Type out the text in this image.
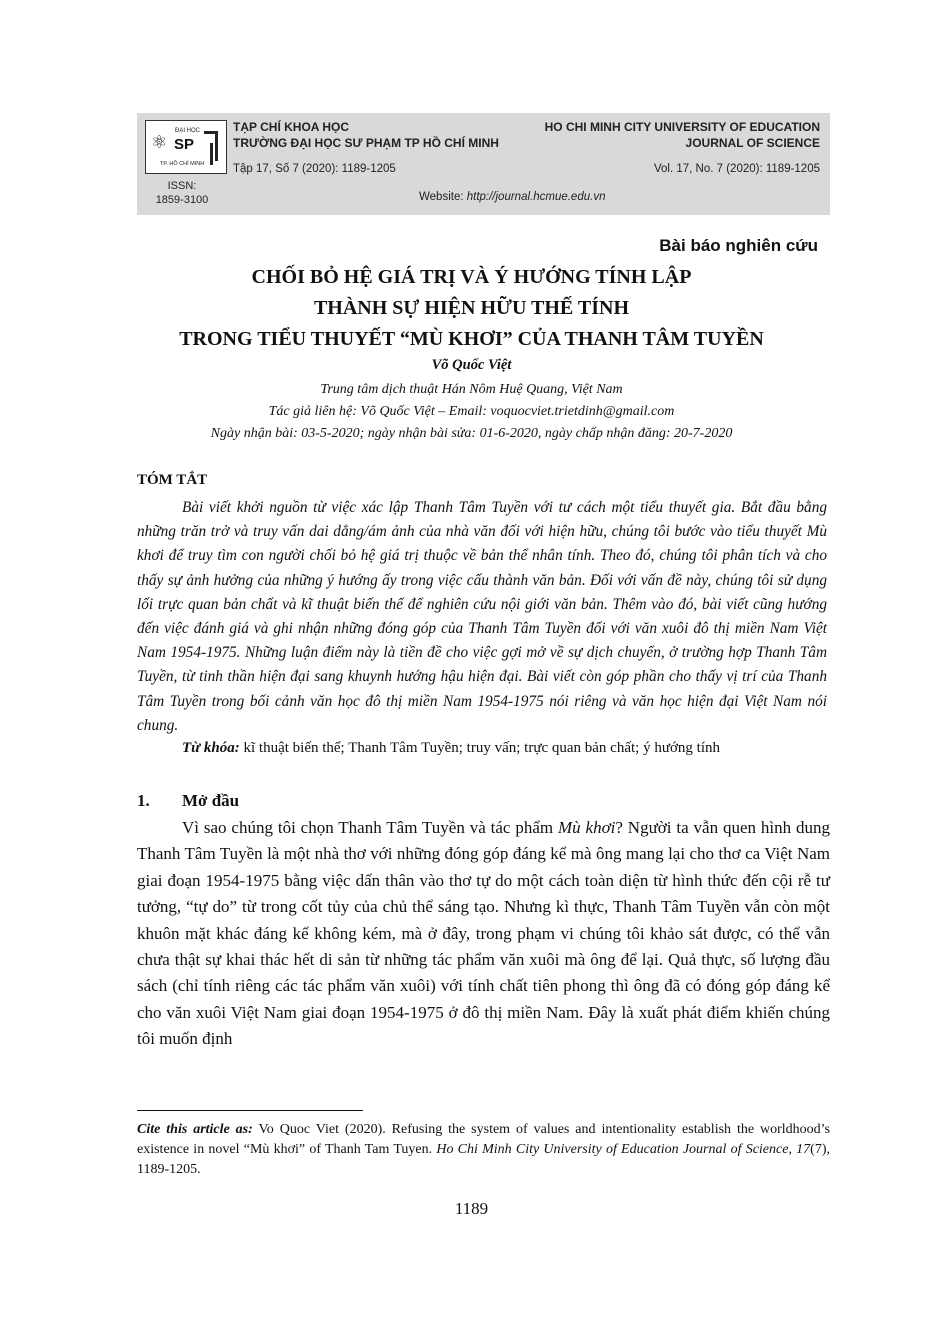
⚛
ĐẠI HỌC
SP
TP. HỒ CHÍ MINH
TẠP CHÍ KHOA HỌC
TRƯỜNG ĐẠI HỌC SƯ PHẠM TP HỒ CHÍ MINH
HO CHI MINH CITY UNIVERSITY OF EDUCATION
JOURNAL OF SCIENCE
Tập 17, Số 7 (2020): 1189-1205	Vol. 17, No. 7 (2020): 1189-1205
ISSN:
1859-3100	Website: http://journal.hcmue.edu.vn
Bài báo nghiên cứu
CHỐI BỎ HỆ GIÁ TRỊ VÀ Ý HƯỚNG TÍNH LẬP
THÀNH SỰ HIỆN HỮU THẾ TÍNH
TRONG TIỂU THUYẾT “MÙ KHƠI” CỦA THANH TÂM TUYỀN
Võ Quốc Việt
Trung tâm dịch thuật Hán Nôm Huệ Quang, Việt Nam
Tác giả liên hệ: Võ Quốc Việt – Email: voquocviet.trietdinh@gmail.com
Ngày nhận bài: 03-5-2020; ngày nhận bài sửa: 01-6-2020, ngày chấp nhận đăng: 20-7-2020
TÓM TẮT

Bài viết khởi nguồn từ việc xác lập Thanh Tâm Tuyền với tư cách một tiểu thuyết gia. Bắt đầu bằng những trăn trở và truy vấn dai dẳng/ám ảnh của nhà văn đối với hiện hữu, chúng tôi bước vào tiểu thuyết Mù khơi để truy tìm con người chối bỏ hệ giá trị thuộc về bản thể nhân tính. Theo đó, chúng tôi phân tích và cho thấy sự ảnh hưởng của những ý hướng ấy trong việc cấu thành văn bản. Đối với vấn đề này, chúng tôi sử dụng lối trực quan bản chất và kĩ thuật biến thể để nghiên cứu nội giới văn bản. Thêm vào đó, bài viết cũng hướng đến việc đánh giá và ghi nhận những đóng góp của Thanh Tâm Tuyền đối với văn xuôi đô thị miền Nam Việt Nam 1954-1975. Những luận điểm này là tiền đề cho việc gợi mở về sự dịch chuyển, ở trường hợp Thanh Tâm Tuyền, từ tinh thần hiện đại sang khuynh hướng hậu hiện đại. Bài viết còn góp phần cho thấy vị trí của Thanh Tâm Tuyền trong bối cảnh văn học đô thị miền Nam 1954-1975 nói riêng và văn học hiện đại Việt Nam nói chung.

Từ khóa: kĩ thuật biến thể; Thanh Tâm Tuyền; truy vấn; trực quan bản chất; ý hướng tính
1. Mở đầu

Vì sao chúng tôi chọn Thanh Tâm Tuyền và tác phẩm Mù khơi? Người ta vẫn quen hình dung Thanh Tâm Tuyền là một nhà thơ với những đóng góp đáng kể mà ông mang lại cho thơ ca Việt Nam giai đoạn 1954-1975 bằng việc dấn thân vào thơ tự do một cách toàn diện từ hình thức đến cội rễ tư tưởng, “tự do” từ trong cốt tủy của chủ thể sáng tạo. Nhưng kì thực, Thanh Tâm Tuyền vẫn còn một khuôn mặt khác đáng kể không kém, mà ở đây, trong phạm vi chúng tôi khảo sát được, có thể vẫn chưa thật sự khai thác hết di sản từ những tác phẩm văn xuôi mà ông để lại. Quả thực, số lượng đầu sách (chỉ tính riêng các tác phẩm văn xuôi) với tính chất tiên phong thì ông đã có đóng góp đáng kể cho văn xuôi Việt Nam giai đoạn 1954-1975 ở đô thị miền Nam. Đây là xuất phát điểm khiến chúng tôi muốn định

Cite this article as: Vo Quoc Viet (2020). Refusing the system of values and intentionality establish the worldhood’s existence in novel “Mù khơi” of Thanh Tam Tuyen. Ho Chi Minh City University of Education Journal of Science, 17(7), 1189-1205.

1189
